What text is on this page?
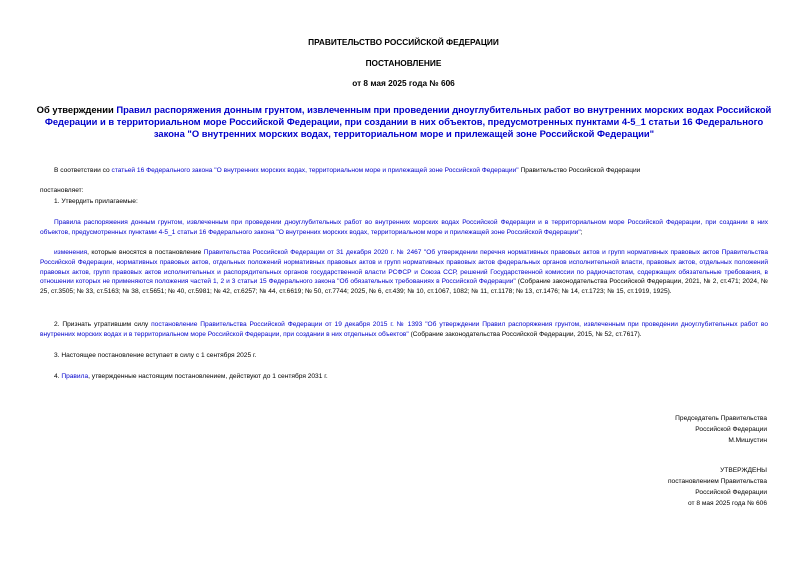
ПРАВИТЕЛЬСТВО РОССИЙСКОЙ ФЕДЕРАЦИИ
ПОСТАНОВЛЕНИЕ
от 8 мая 2025 года № 606
Об утверждении Правил распоряжения донным грунтом, извлеченным при проведении дноуглубительных работ во внутренних морских водах Российской Федерации и в территориальном море Российской Федерации, при создании в них объектов, предусмотренных пунктами 4-5_1 статьи 16 Федерального закона "О внутренних морских водах, территориальном море и прилежащей зоне Российской Федерации"
В соответствии со статьей 16 Федерального закона "О внутренних морских водах, территориальном море и прилежащей зоне Российской Федерации" Правительство Российской Федерации
постановляет:
1. Утвердить прилагаемые:
Правила распоряжения донным грунтом, извлеченным при проведении дноуглубительных работ во внутренних морских водах Российской Федерации и в территориальном море Российской Федерации, при создании в них объектов, предусмотренных пунктами 4-5_1 статьи 16 Федерального закона "О внутренних морских водах, территориальном море и прилежащей зоне Российской Федерации";
изменения, которые вносятся в постановление Правительства Российской Федерации от 31 декабря 2020 г. № 2467 "Об утверждении перечня нормативных правовых актов и групп нормативных правовых актов Правительства Российской Федерации, нормативных правовых актов, отдельных положений нормативных правовых актов и групп нормативных правовых актов федеральных органов исполнительной власти, правовых актов, отдельных положений правовых актов, групп правовых актов исполнительных и распорядительных органов государственной власти РСФСР и Союза ССР, решений Государственной комиссии по радиочастотам, содержащих обязательные требования, в отношении которых не применяются положения частей 1, 2 и 3 статьи 15 Федерального закона "Об обязательных требованиях в Российской Федерации" (Собрание законодательства Российской Федерации, 2021, № 2, ст.471; 2024, № 25, ст.3505; № 33, ст.5163; № 38, ст.5651; № 40, ст.5981; № 42, ст.6257; № 44, ст.6619; № 50, ст.7744; 2025, № 6, ст.439; № 10, ст.1067, 1082; № 11, ст.1178; № 13, ст.1476; № 14, ст.1723; № 15, ст.1919, 1925).
2. Признать утратившим силу постановление Правительства Российской Федерации от 19 декабря 2015 г. № 1393 "Об утверждении Правил распоряжения грунтом, извлеченным при проведении дноуглубительных работ во внутренних морских водах и в территориальном море Российской Федерации, при создании в них отдельных объектов" (Собрание законодательства Российской Федерации, 2015, № 52, ст.7617).
3. Настоящее постановление вступает в силу с 1 сентября 2025 г.
4. Правила, утвержденные настоящим постановлением, действуют до 1 сентября 2031 г.
Председатель Правительства
Российской Федерации
М.Мишустин
УТВЕРЖДЕНЫ
постановлением Правительства
Российской Федерации
от 8 мая 2025 года № 606
